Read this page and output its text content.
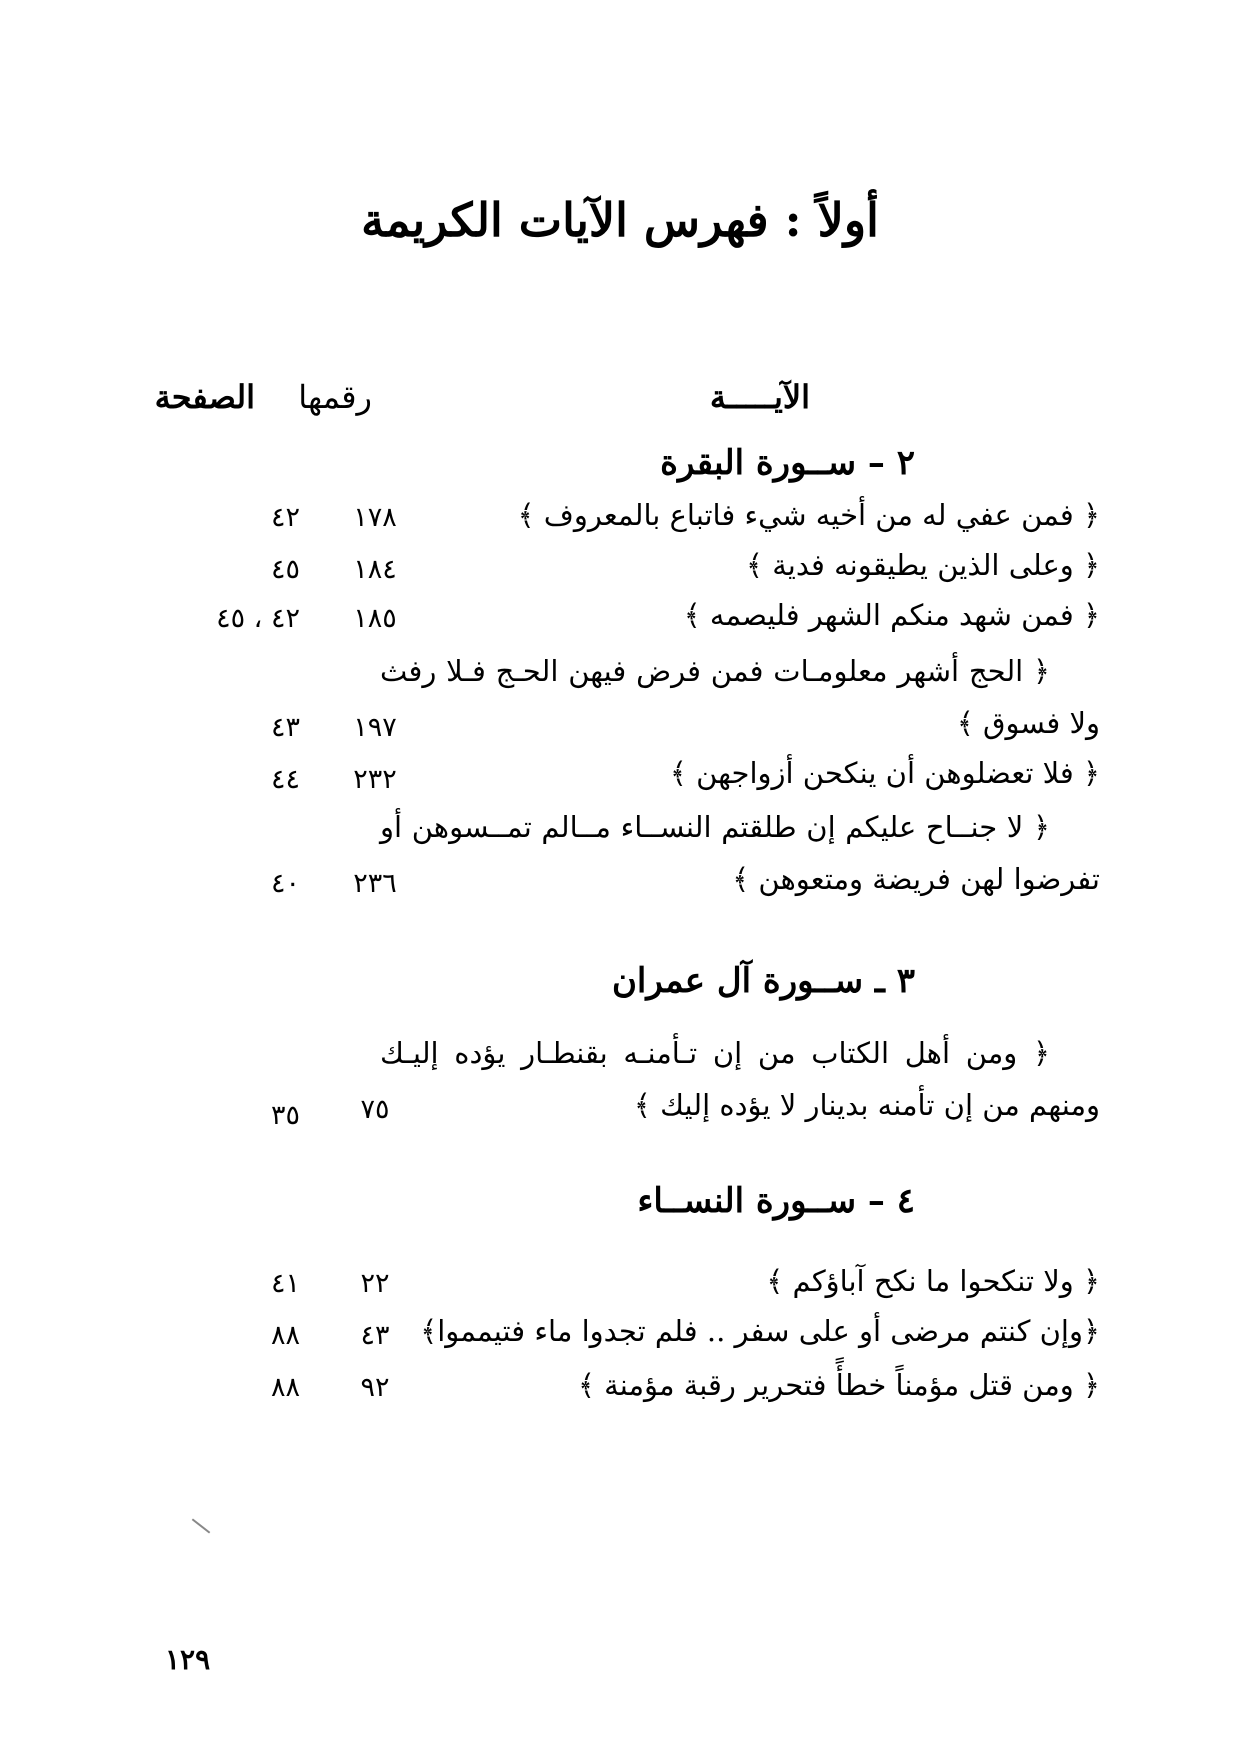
أولاً : فهرس الآيات الكريمة
الآيـــــة
رقمها
الصفحة
٢ – ســورة البقرة
﴿ فمن عفي له من أخيه شيء فاتباع بالمعروف ﴾
١٧٨
٤٢
﴿ وعلى الذين يطيقونه فدية ﴾
١٨٤
٤٥
﴿ فمن شهد منكم الشهر فليصمه ﴾
١٨٥
٤٢ ، ٤٥
﴿ الحج أشهر معلومـات فمن فرض فيهن الحـج فـلا رفث
ولا فسوق ﴾
١٩٧
٤٣
﴿ فلا تعضلوهن أن ينكحن أزواجهن ﴾
٢٣٢
٤٤
﴿ لا جنــاح عليكم إن طلقتم النســاء مــالم تمــسوهن أو
تفرضوا لهن فريضة ومتعوهن ﴾
٢٣٦
٤٠
٣ ـ ســورة آل عمران
﴿ ومن أهل الكتاب من إن تـأمنـه بقنطـار يؤده إليـك
ومنهم من إن تأمنه بدينار لا يؤده إليك ﴾
٧٥
٣٥
٤ – ســورة النســاء
﴿ ولا تنكحوا ما نكح آباؤكم ﴾
٢٢
٤١
﴿وإن كنتم مرضى أو على سفر .. فلم تجدوا ماء فتيمموا﴾
٤٣
٨٨
﴿ ومن قتل مؤمناً خطأً فتحرير رقبة مؤمنة ﴾
٩٢
٨٨
١٢٩
